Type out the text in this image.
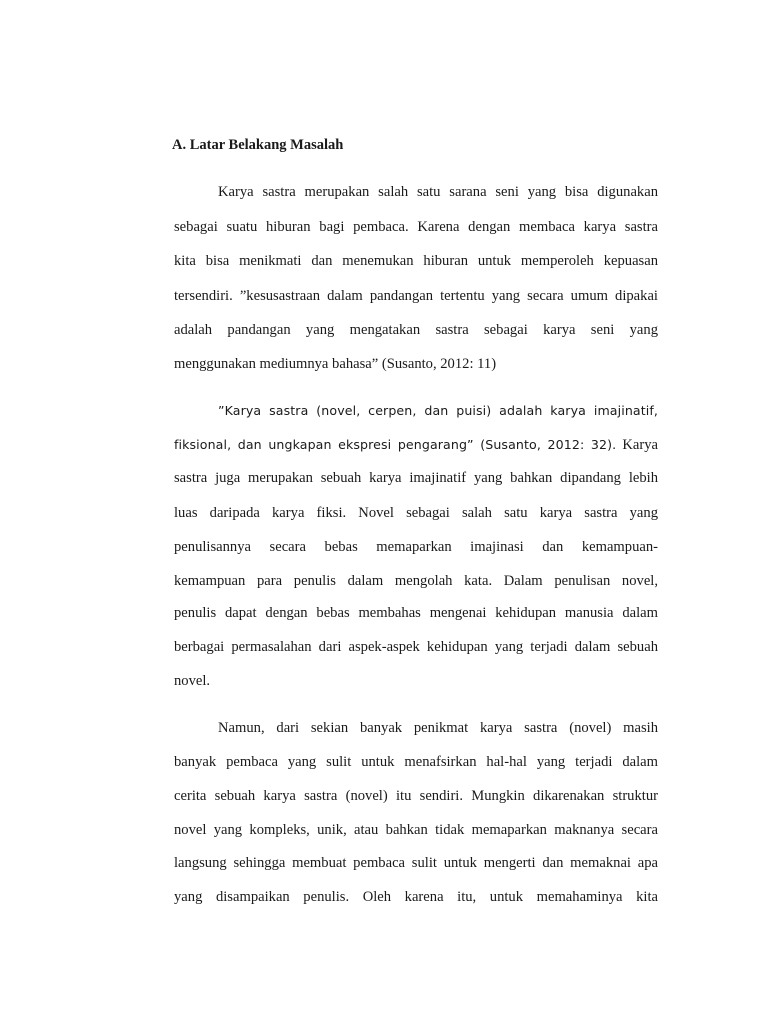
A. Latar Belakang Masalah
Karya sastra merupakan salah satu sarana seni yang bisa digunakan
sebagai suatu hiburan bagi pembaca. Karena dengan membaca karya sastra
kita bisa menikmati dan menemukan hiburan untuk memperoleh kepuasan
tersendiri. ”kesusastraan dalam pandangan tertentu yang secara umum dipakai
adalah pandangan yang mengatakan sastra sebagai karya seni yang
menggunakan mediumnya bahasa” (Susanto, 2012: 11)
”Karya sastra (novel, cerpen, dan puisi) adalah karya imajinatif,
fiksional, dan ungkapan ekspresi pengarang” (Susanto, 2012: 32). Karya
sastra juga merupakan sebuah karya imajinatif yang bahkan dipandang lebih
luas daripada karya fiksi. Novel sebagai salah satu karya sastra yang
penulisannya secara bebas memaparkan imajinasi dan kemampuan-
kemampuan para penulis dalam mengolah kata. Dalam penulisan novel,
penulis dapat dengan bebas membahas mengenai kehidupan manusia dalam
berbagai permasalahan dari aspek-aspek kehidupan yang terjadi dalam sebuah
novel.
Namun, dari sekian banyak penikmat karya sastra (novel) masih
banyak pembaca yang sulit untuk menafsirkan hal-hal yang terjadi dalam
cerita sebuah karya sastra (novel) itu sendiri. Mungkin dikarenakan struktur
novel yang kompleks, unik, atau bahkan tidak memaparkan maknanya secara
langsung sehingga membuat pembaca sulit untuk mengerti dan memaknai apa
yang disampaikan penulis. Oleh karena itu, untuk memahaminya kita
